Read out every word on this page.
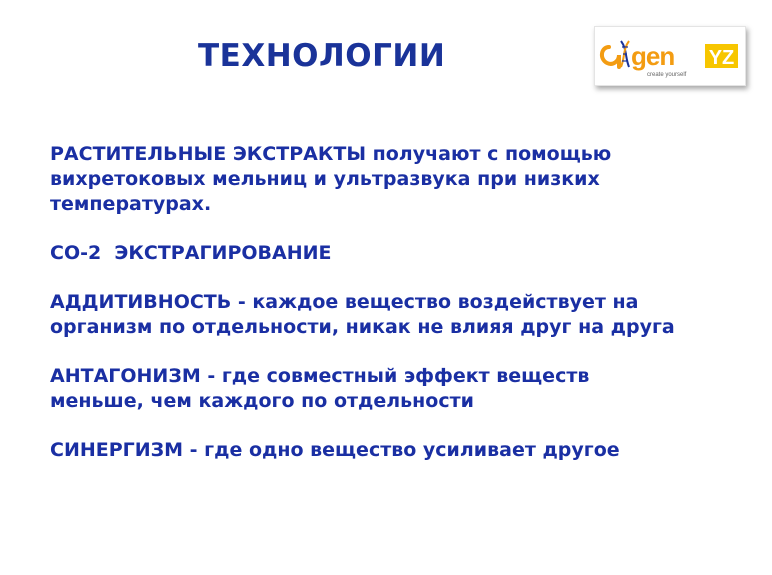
ТЕХНОЛОГИИ	gen YZ
create yourself

РАСТИТЕЛЬНЫЕ ЭКСТРАКТЫ получают с помощью
вихретоковых мельниц и ультразвука при низких
температурах.

СО-2  ЭКСТРАГИРОВАНИЕ

АДДИТИВНОСТЬ - каждое вещество воздействует на
организм по отдельности, никак не влияя друг на друга

АНТАГОНИЗМ - где совместный эффект веществ
меньше, чем каждого по отдельности

СИНЕРГИЗМ - где одно вещество усиливает другое
